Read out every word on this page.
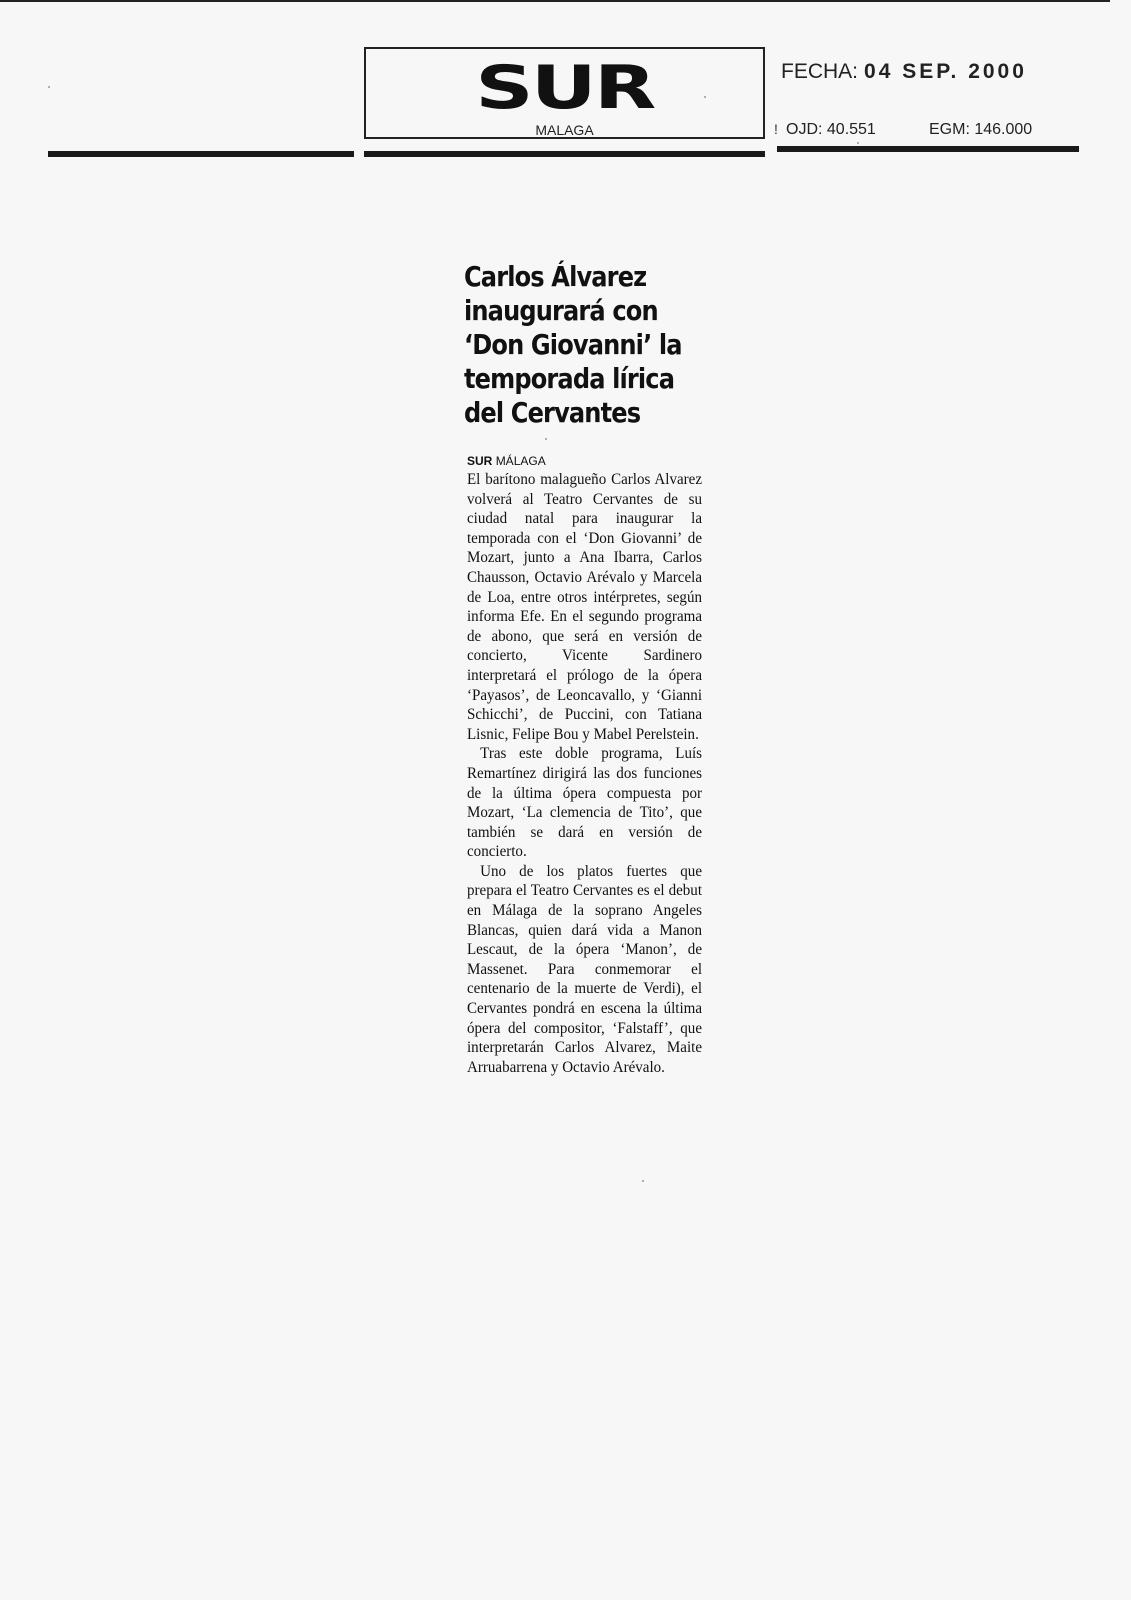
SUR
MALAGA
FECHA: 04 SEP. 2000
! OJD: 40.551	EGM: 146.000
Carlos Álvarez
inaugurará con
‘Don Giovanni’ la
temporada lírica
del Cervantes
SUR MÁLAGA

El barítono malagueño Carlos Alvarez volverá al Teatro Cervantes de su ciudad natal para inaugurar la temporada con el ‘Don Giovanni’ de Mozart, junto a Ana Ibarra, Carlos Chausson, Octavio Arévalo y Marcela de Loa, entre otros intérpretes, según informa Efe. En el segundo programa de abono, que será en versión de concierto, Vicente Sardinero interpretará el prólogo de la ópera ‘Payasos’, de Leoncavallo, y ‘Gianni Schicchi’, de Puccini, con Tatiana Lisnic, Felipe Bou y Mabel Perelstein.

Tras este doble programa, Luís Remartínez dirigirá las dos funciones de la última ópera compuesta por Mozart, ‘La clemencia de Tito’, que también se dará en versión de concierto.

Uno de los platos fuertes que prepara el Teatro Cervantes es el debut en Málaga de la soprano Angeles Blancas, quien dará vida a Manon Lescaut, de la ópera ‘Manon’, de Massenet. Para conmemorar el centenario de la muerte de Verdi), el Cervantes pondrá en escena la última ópera del compositor, ‘Falstaff’, que interpretarán Carlos Alvarez, Maite Arruabarrena y Octavio Arévalo.
